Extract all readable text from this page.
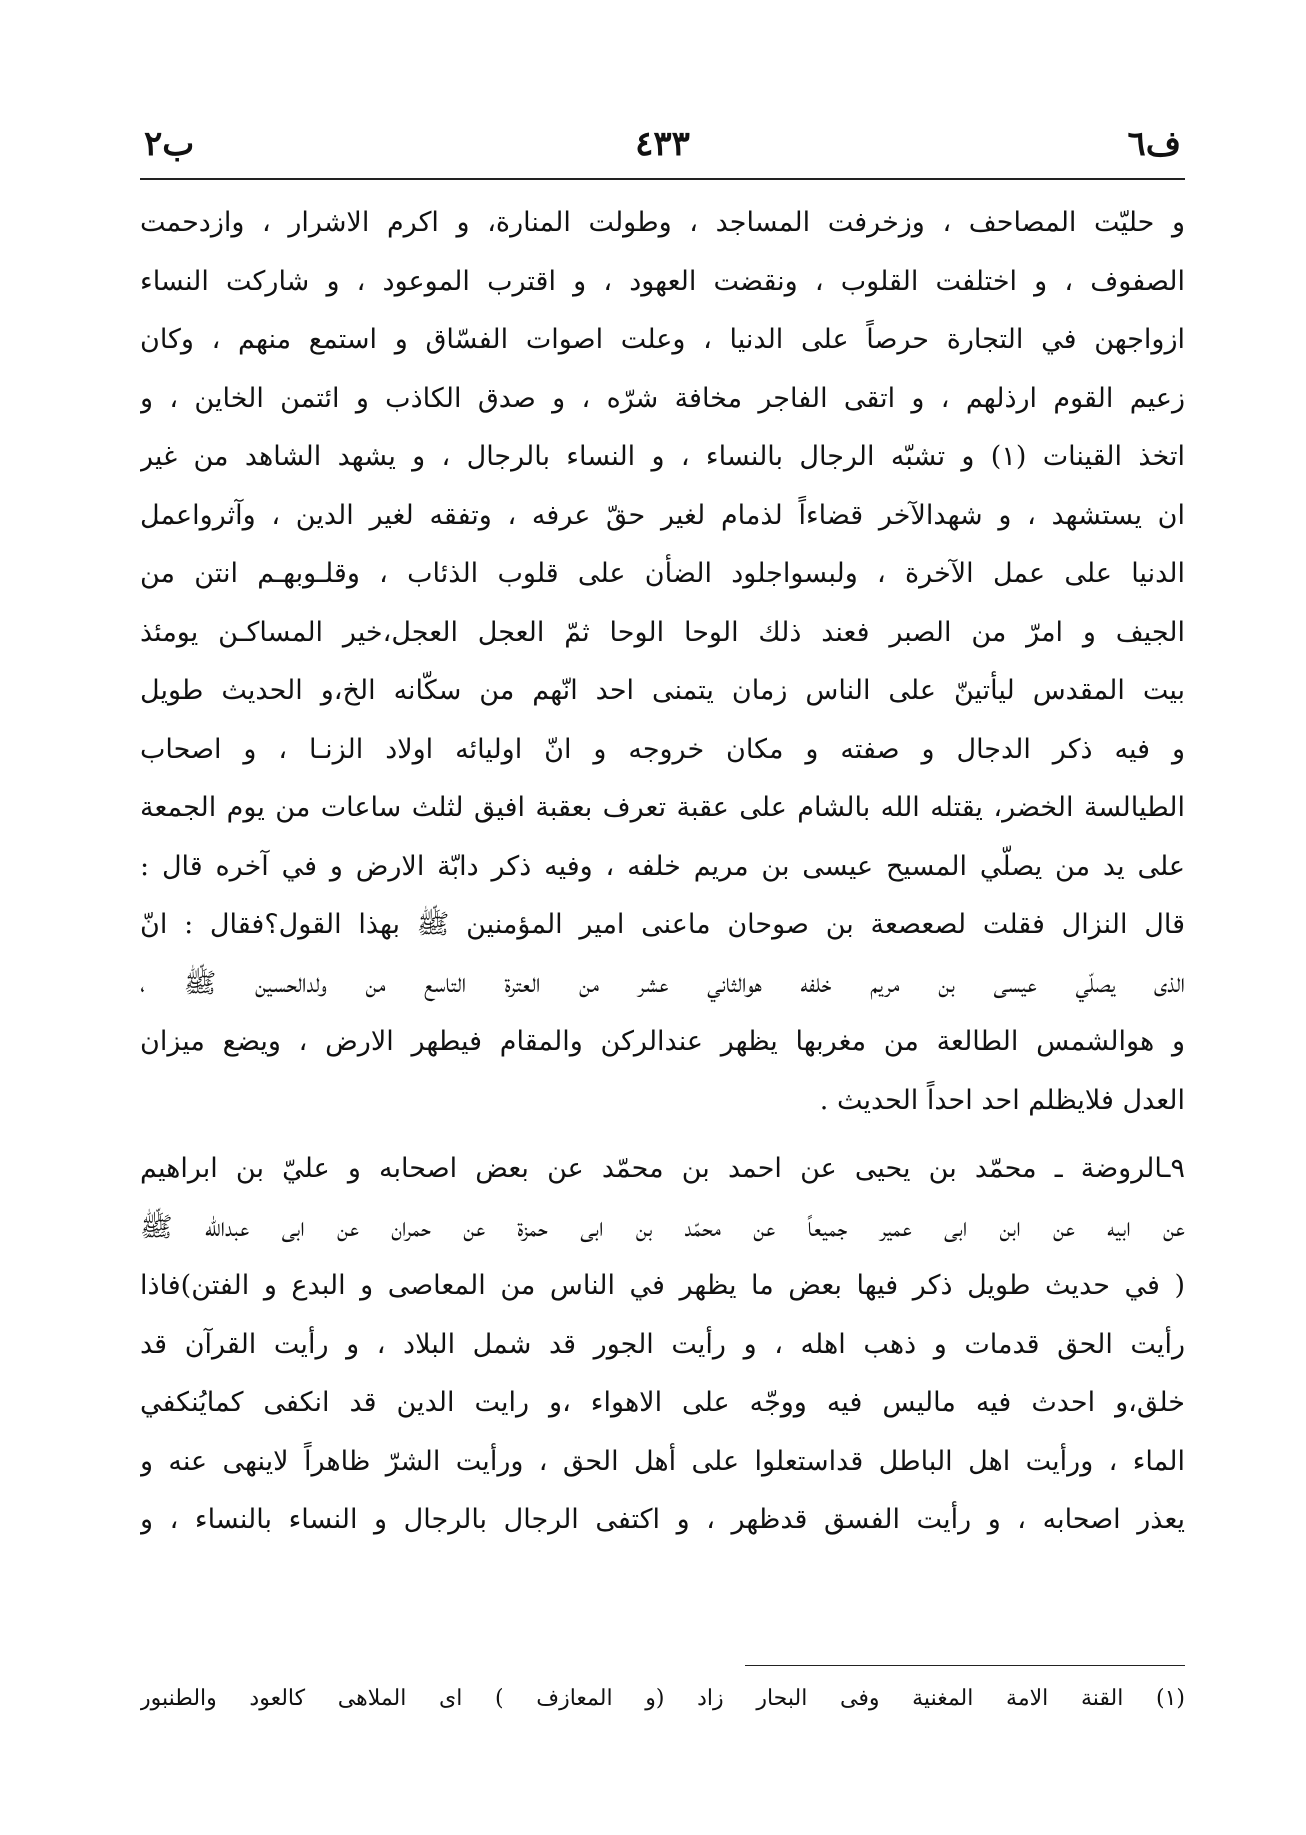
ف٦
٤٣٣
ب٢
و حليّت المصاحف ، وزخرفت المساجد ، وطولت المنارة، و اكرم الاشرار ، وازدحمت
الصفوف ، و اختلفت القلوب ، ونقضت العهود ، و اقترب الموعود ، و شاركت النساء
ازواجهن في التجارة حرصاً على الدنيا ، وعلت اصوات الفسّاق و استمع منهم ، وكان
زعيم القوم ارذلهم ، و اتقى الفاجر مخافة شرّه ، و صدق الكاذب و ائتمن الخاين ، و
اتخذ القينات (١) و تشبّه الرجال بالنساء ، و النساء بالرجال ، و يشهد الشاهد من غير
ان يستشهد ، و شهدالآخر قضاءاً لذمام لغير حقّ عرفه ، وتفقه لغير الدين ، وآثرواعمل
الدنيا على عمل الآخرة ، ولبسواجلود الضأن على قلوب الذئاب ، وقلـوبهـم انتن من
الجيف و امرّ من الصبر فعند ذلك الوحا الوحا ثمّ العجل العجل،خير المساكـن يومئذ
بيت المقدس ليأتينّ على الناس زمان يتمنى احد انّهم من سكّانه الخ،و الحديث طويل
و فيه ذكر الدجال و صفته و مكان خروجه و انّ اوليائه اولاد الزنـا ، و اصحاب
الطيالسة الخضر، يقتله الله بالشام على عقبة تعرف بعقبة افيق لثلث ساعات من يوم الجمعة
على يد من يصلّي المسيح عيسى بن مريم خلفه ، وفيه ذكر دابّة الارض و في آخره قال :
قال النزال فقلت لصعصعة بن صوحان ماعنى امير المؤمنين ﷺ بهذا القول؟فقال : انّ
الذى يصلّي عيسى بن مريم خلفه هوالثاني عشر من العترة التاسع من ولدالحسين ﷺ ،
و هوالشمس الطالعة من مغربها يظهر عندالركن والمقام فيطهر الارض ، ويضع ميزان
العدل فلايظلم احد احداً الحديث .
٩ـالروضة ـ محمّد بن يحيى عن احمد بن محمّد عن بعض اصحابه و عليّ بن ابراهيم
عن ابيه عن ابن ابى عمير جميعاً عن محمّد بن ابى حمزة عن حمران عن ابى عبدالله ﷺ
( في حديث طويل ذكر فيها بعض ما يظهر في الناس من المعاصى و البدع و الفتن)فاذا
رأيت الحق قدمات و ذهب اهله ، و رأيت الجور قد شمل البلاد ، و رأيت القرآن قد
خلق،و احدث فيه ماليس فيه ووجّه على الاهواء ،و رايت الدين قد انكفى كمايُنكفي
الماء ، ورأيت اهل الباطل قداستعلوا على أهل الحق ، ورأيت الشرّ ظاهراً لاينهى عنه و
يعذر اصحابه ، و رأيت الفسق قدظهر ، و اكتفى الرجال بالرجال و النساء بالنساء ، و
(١) القنة الامة المغنية وفى البحار زاد (و المعازف ) اى الملاهى كالعود والطنبور
